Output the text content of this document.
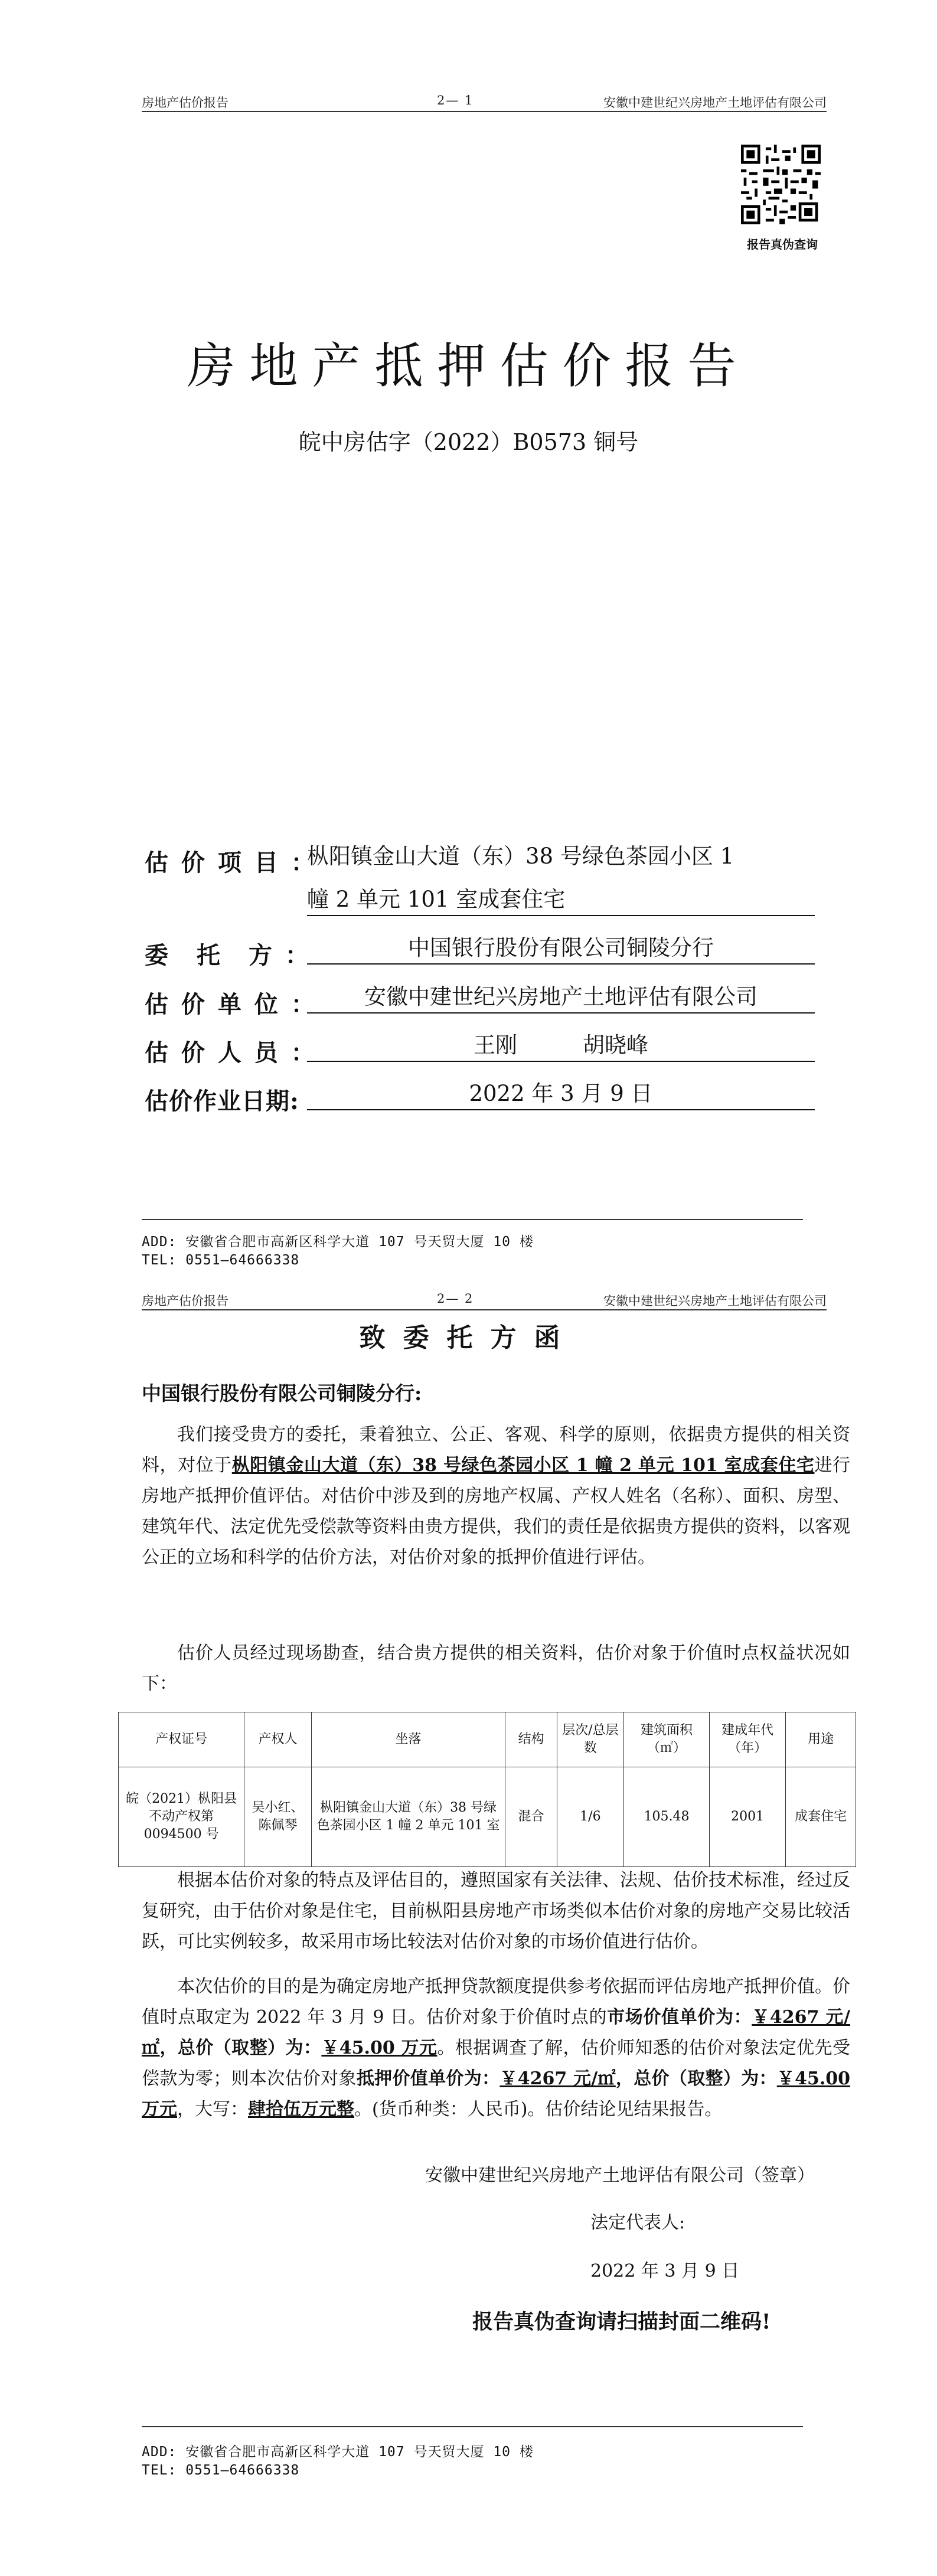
房地产估价报告	2— 1	安徽中建世纪兴房地产土地评估有限公司
报告真伪查询
房地产抵押估价报告
皖中房估字（2022）B0573 铜号
估 价 项 目 ：
枞阳镇金山大道（东）38 号绿色茶园小区 1
幢 2 单元 101 室成套住宅
委　托　方 ：	中国银行股份有限公司铜陵分行
估 价 单 位 ：	安徽中建世纪兴房地产土地评估有限公司
估 价 人 员 ：	王刚　　　胡晓峰
估价作业日期:	2022 年 3 月 9 日
ADD: 安徽省合肥市高新区科学大道 107 号天贸大厦 10 楼
TEL: 0551—64666338
房地产估价报告	2— 2	安徽中建世纪兴房地产土地评估有限公司
致委托方函
中国银行股份有限公司铜陵分行:
我们接受贵方的委托，秉着独立、公正、客观、科学的原则，依据贵方提供的相关资料，对位于枞阳镇金山大道（东）38 号绿色茶园小区 1 幢 2 单元 101 室成套住宅进行房地产抵押价值评估。对估价中涉及到的房地产权属、产权人姓名（名称）、面积、房型、建筑年代、法定优先受偿款等资料由贵方提供，我们的责任是依据贵方提供的资料，以客观公正的立场和科学的估价方法，对估价对象的抵押价值进行评估。
估价人员经过现场勘查，结合贵方提供的相关资料，估价对象于价值时点权益状况如下：
产权证号	产权人	坐落	结构	层次/总层数	建筑面积（㎡）	建成年代（年）	用途
皖（2021）枞阳县不动产权第 0094500 号	吴小红、陈佩琴	枞阳镇金山大道（东）38 号绿色茶园小区 1 幢 2 单元 101 室	混合	1/6	105.48	2001	成套住宅
根据本估价对象的特点及评估目的，遵照国家有关法律、法规、估价技术标准，经过反复研究，由于估价对象是住宅，目前枞阳县房地产市场类似本估价对象的房地产交易比较活跃，可比实例较多，故采用市场比较法对估价对象的市场价值进行估价。
本次估价的目的是为确定房地产抵押贷款额度提供参考依据而评估房地产抵押价值。价值时点取定为 2022 年 3 月 9 日。估价对象于价值时点的市场价值单价为：￥4267 元/㎡，总价（取整）为：￥45.00 万元。根据调查了解，估价师知悉的估价对象法定优先受偿款为零；则本次估价对象抵押价值单价为：￥4267 元/㎡，总价（取整）为：￥45.00 万元，大写：肆拾伍万元整。(货币种类：人民币)。估价结论见结果报告。
安徽中建世纪兴房地产土地评估有限公司（签章）
法定代表人:
2022 年 3 月 9 日
报告真伪查询请扫描封面二维码!
ADD: 安徽省合肥市高新区科学大道 107 号天贸大厦 10 楼
TEL: 0551—64666338
